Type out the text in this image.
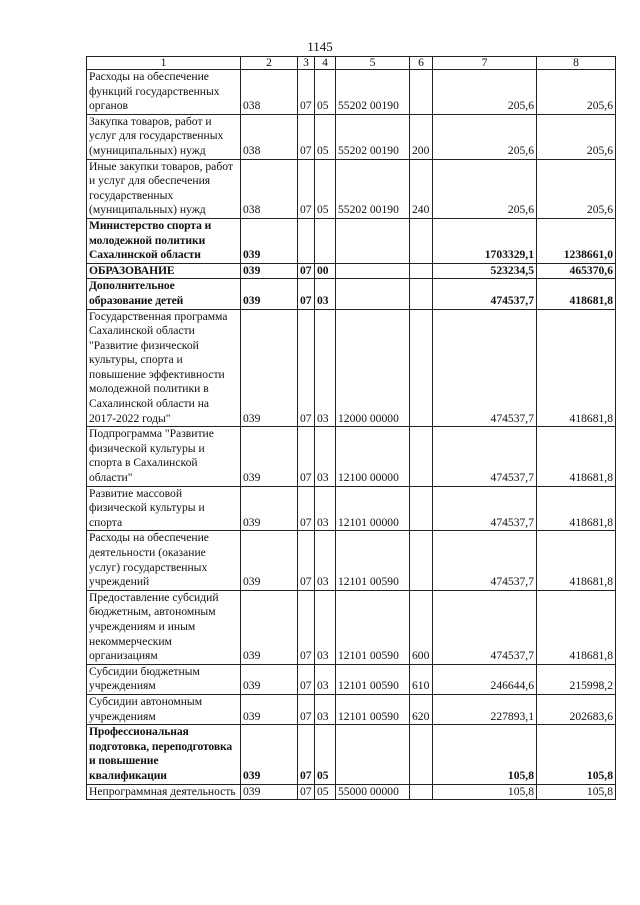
1145
1	2	3	4	5	6	7	8
Расходы на обеспечение функций государственных органов	038	07	05	55202 00190		205,6	205,6
Закупка товаров, работ и услуг для государственных (муниципальных) нужд	038	07	05	55202 00190	200	205,6	205,6
Иные закупки товаров, работ и услуг для обеспечения государственных (муниципальных) нужд	038	07	05	55202 00190	240	205,6	205,6
Министерство спорта и молодежной политики Сахалинской области	039					1703329,1	1238661,0
ОБРАЗОВАНИЕ	039	07	00			523234,5	465370,6
Дополнительное образование детей	039	07	03			474537,7	418681,8
Государственная программа Сахалинской области "Развитие физической культуры, спорта и повышение эффективности молодежной политики в Сахалинской области на 2017-2022 годы"	039	07	03	12000 00000		474537,7	418681,8
Подпрограмма "Развитие физической культуры и спорта в Сахалинской области"	039	07	03	12100 00000		474537,7	418681,8
Развитие массовой физической культуры и спорта	039	07	03	12101 00000		474537,7	418681,8
Расходы на обеспечение деятельности (оказание услуг) государственных учреждений	039	07	03	12101 00590		474537,7	418681,8
Предоставление субсидий бюджетным, автономным учреждениям и иным некоммерческим организациям	039	07	03	12101 00590	600	474537,7	418681,8
Субсидии бюджетным учреждениям	039	07	03	12101 00590	610	246644,6	215998,2
Субсидии автономным учреждениям	039	07	03	12101 00590	620	227893,1	202683,6
Профессиональная подготовка, переподготовка и повышение квалификации	039	07	05			105,8	105,8
Непрограммная деятельность	039	07	05	55000 00000		105,8	105,8
